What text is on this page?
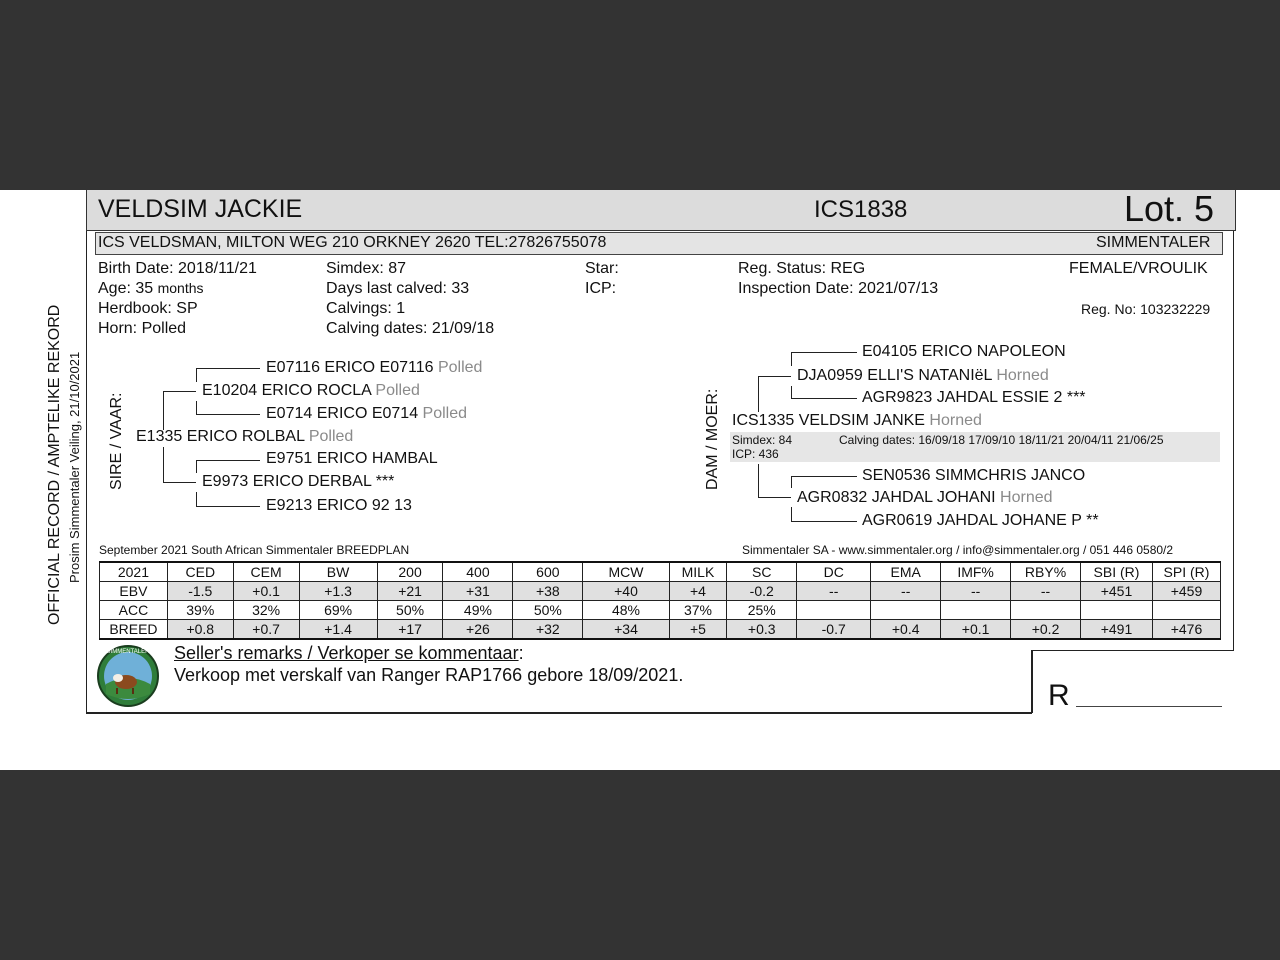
VELDSIM JACKIE	ICS1838	Lot. 5
ICS VELDSMAN, MILTON WEG 210 ORKNEY 2620 TEL:27826755078	SIMMENTALER
Birth Date: 2018/11/21
Age: 35 months
Herdbook: SP
Horn: Polled
Simdex: 87
Days last calved: 33
Calvings: 1
Calving dates: 21/09/18
Star:
ICP:
Reg. Status: REG
Inspection Date: 2021/07/13
FEMALE/VROULIK
Reg. No: 103232229
OFFICIAL RECORD / AMPTELIKE REKORD Prosim Simmentaler Veiling, 21/10/2021 SIRE / VAAR:	DAM / MOER:
E07116 ERICO E07116 Polled
E10204 ERICO ROCLA Polled
E0714 ERICO E0714 Polled
E1335 ERICO ROLBAL Polled
E9751 ERICO HAMBAL
E9973 ERICO DERBAL ***
E9213 ERICO 92 13
E04105 ERICO NAPOLEON
DJA0959 ELLI'S NATANIëL Horned
AGR9823 JAHDAL ESSIE 2 ***
ICS1335 VELDSIM JANKE Horned
Simdex: 84	Calving dates: 16/09/18 17/09/10 18/11/21 20/04/11 21/06/25
ICP: 436
SEN0536 SIMMCHRIS JANCO
AGR0832 JAHDAL JOHANI Horned
AGR0619 JAHDAL JOHANE P **
September 2021 South African Simmentaler BREEDPLAN	Simmentaler SA - www.simmentaler.org / info@simmentaler.org / 051 446 0580/2
2021	CED	CEM	BW	200	400	600	MCW	MILK	SC	DC	EMA	IMF%	RBY%	SBI (R)	SPI (R)
EBV	-1.5	+0.1	+1.3	+21	+31	+38	+40	+4	-0.2	--	--	--	--	+451	+459
ACC	39%	32%	69%	50%	49%	50%	48%	37%	25%						
BREED	+0.8	+0.7	+1.4	+17	+26	+32	+34	+5	+0.3	-0.7	+0.4	+0.1	+0.2	+491	+476
SIMMENTALER Seller's remarks / Verkoper se kommentaar:
Verkoop met verskalf van Ranger RAP1766 gebore 18/09/2021.
R
